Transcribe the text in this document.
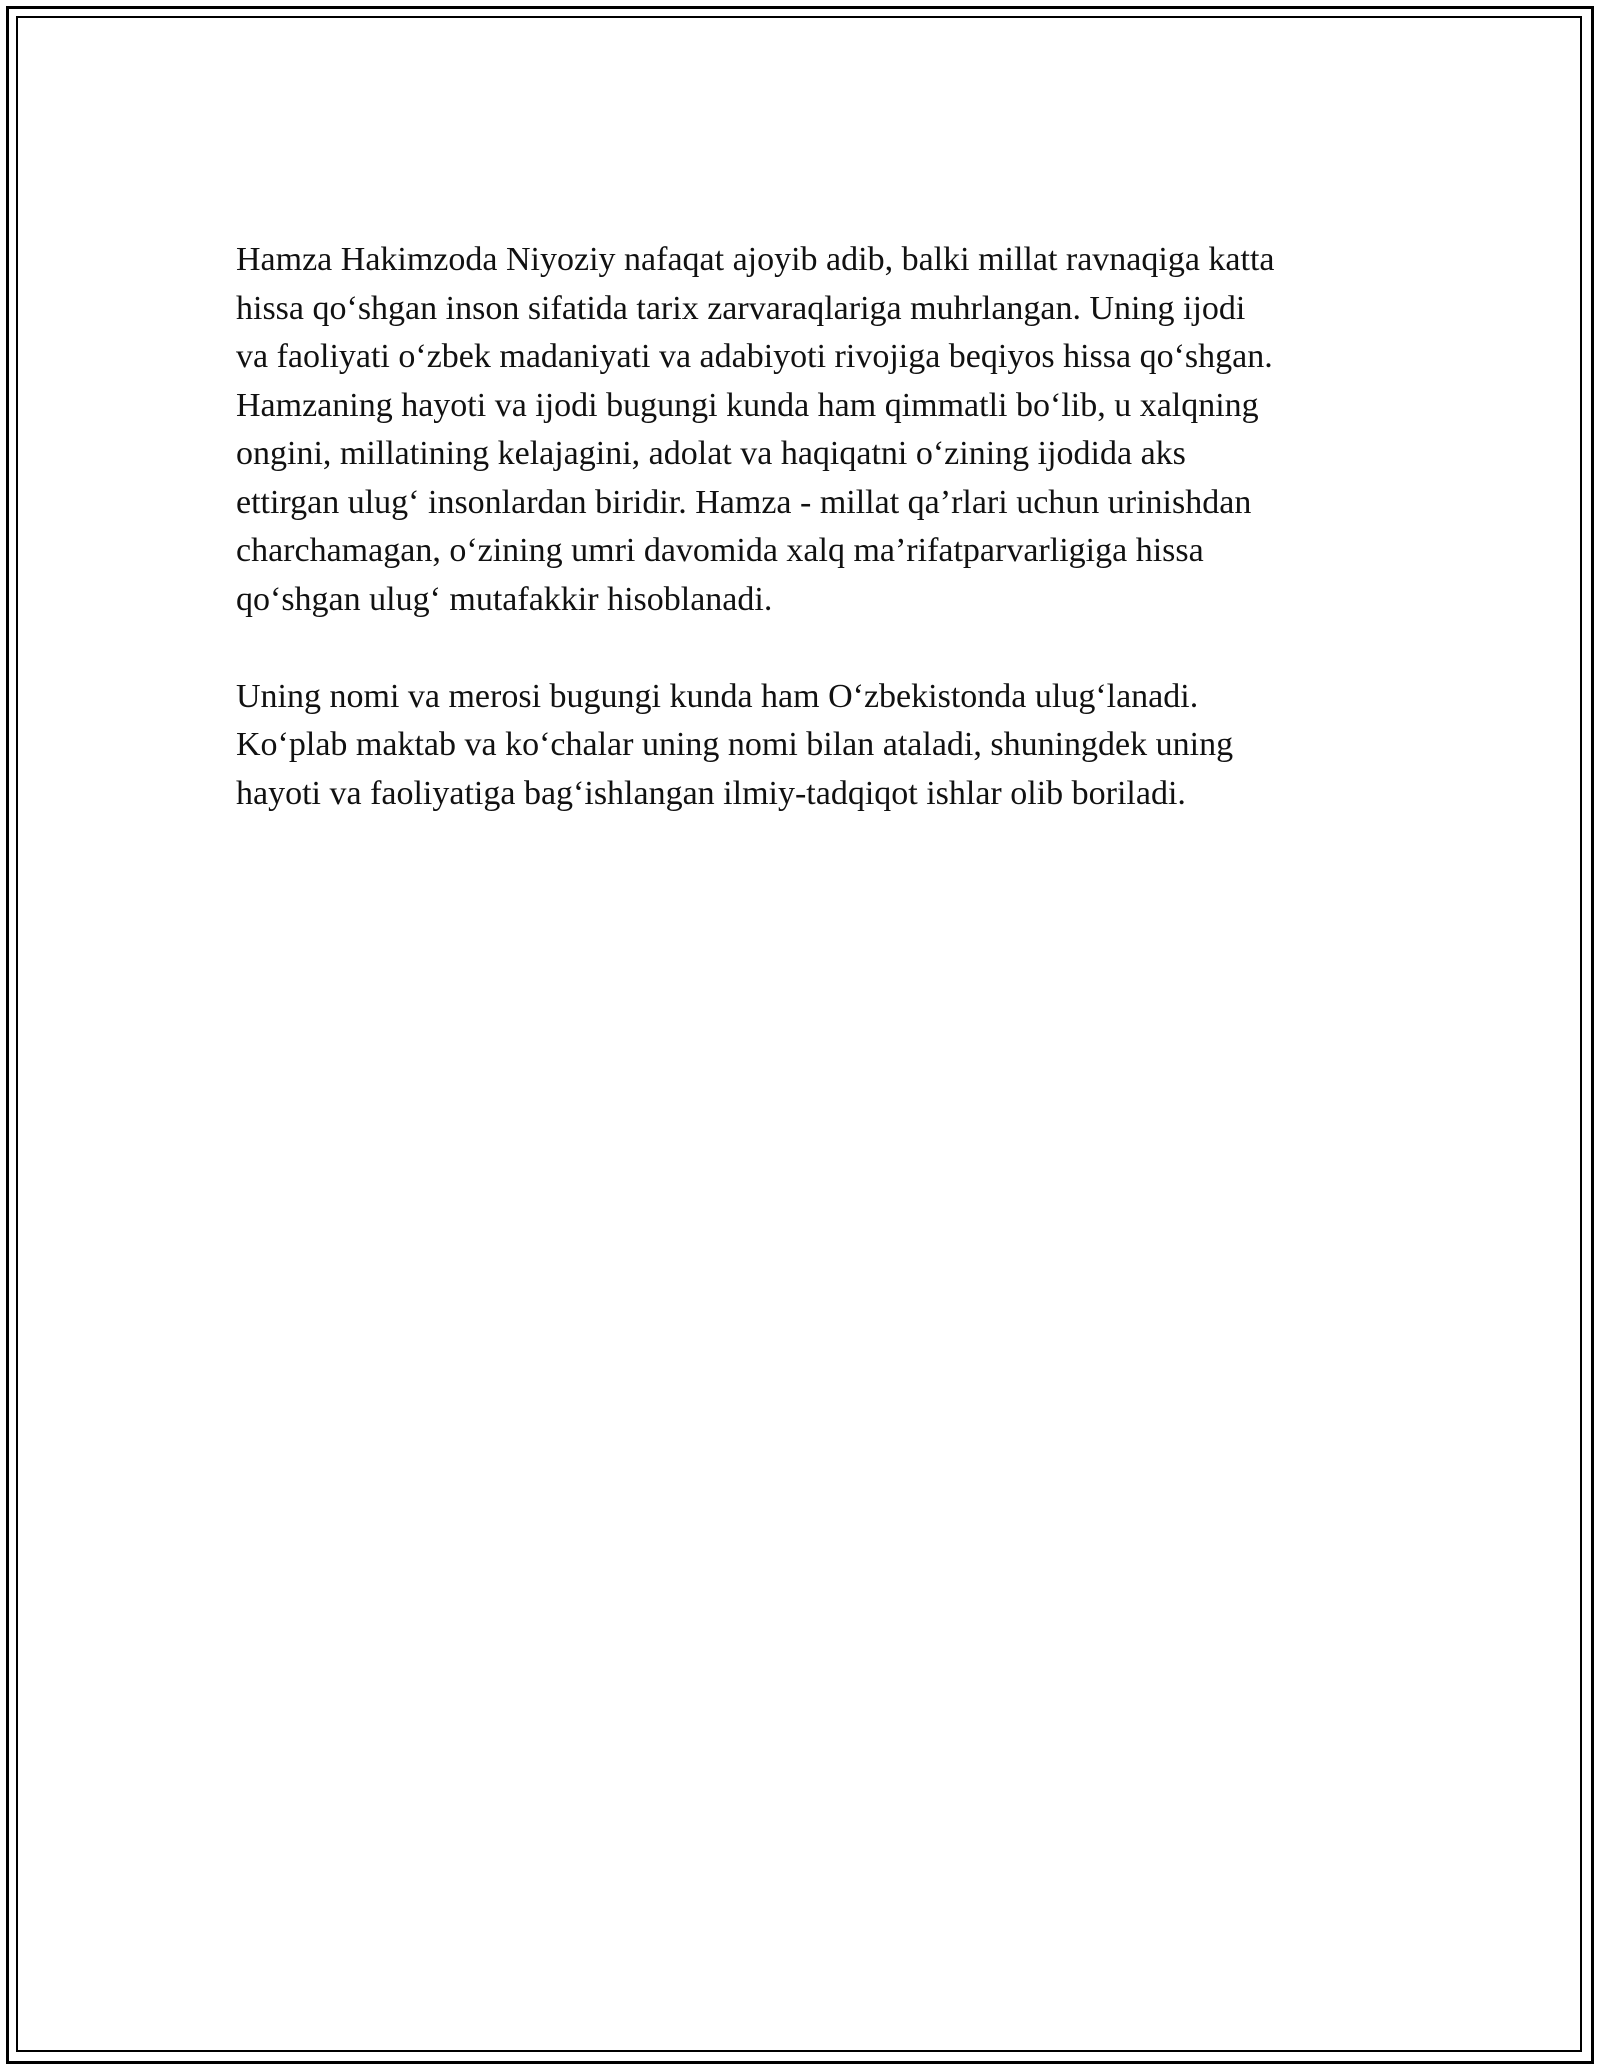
Hamza Hakimzoda Niyoziy nafaqat ajoyib adib, balki millat ravnaqiga katta
hissa qo‘shgan inson sifatida tarix zarvaraqlariga muhrlangan. Uning ijodi
va faoliyati o‘zbek madaniyati va adabiyoti rivojiga beqiyos hissa qo‘shgan.
Hamzaning hayoti va ijodi bugungi kunda ham qimmatli bo‘lib, u xalqning
ongini, millatining kelajagini, adolat va haqiqatni o‘zining ijodida aks
ettirgan ulug‘ insonlardan biridir. Hamza - millat qa’rlari uchun urinishdan
charchamagan, o‘zining umri davomida xalq ma’rifatparvarligiga hissa
qo‘shgan ulug‘ mutafakkir hisoblanadi.

Uning nomi va merosi bugungi kunda ham O‘zbekistonda ulug‘lanadi.
Ko‘plab maktab va ko‘chalar uning nomi bilan ataladi, shuningdek uning
hayoti va faoliyatiga bag‘ishlangan ilmiy-tadqiqot ishlar olib boriladi.
